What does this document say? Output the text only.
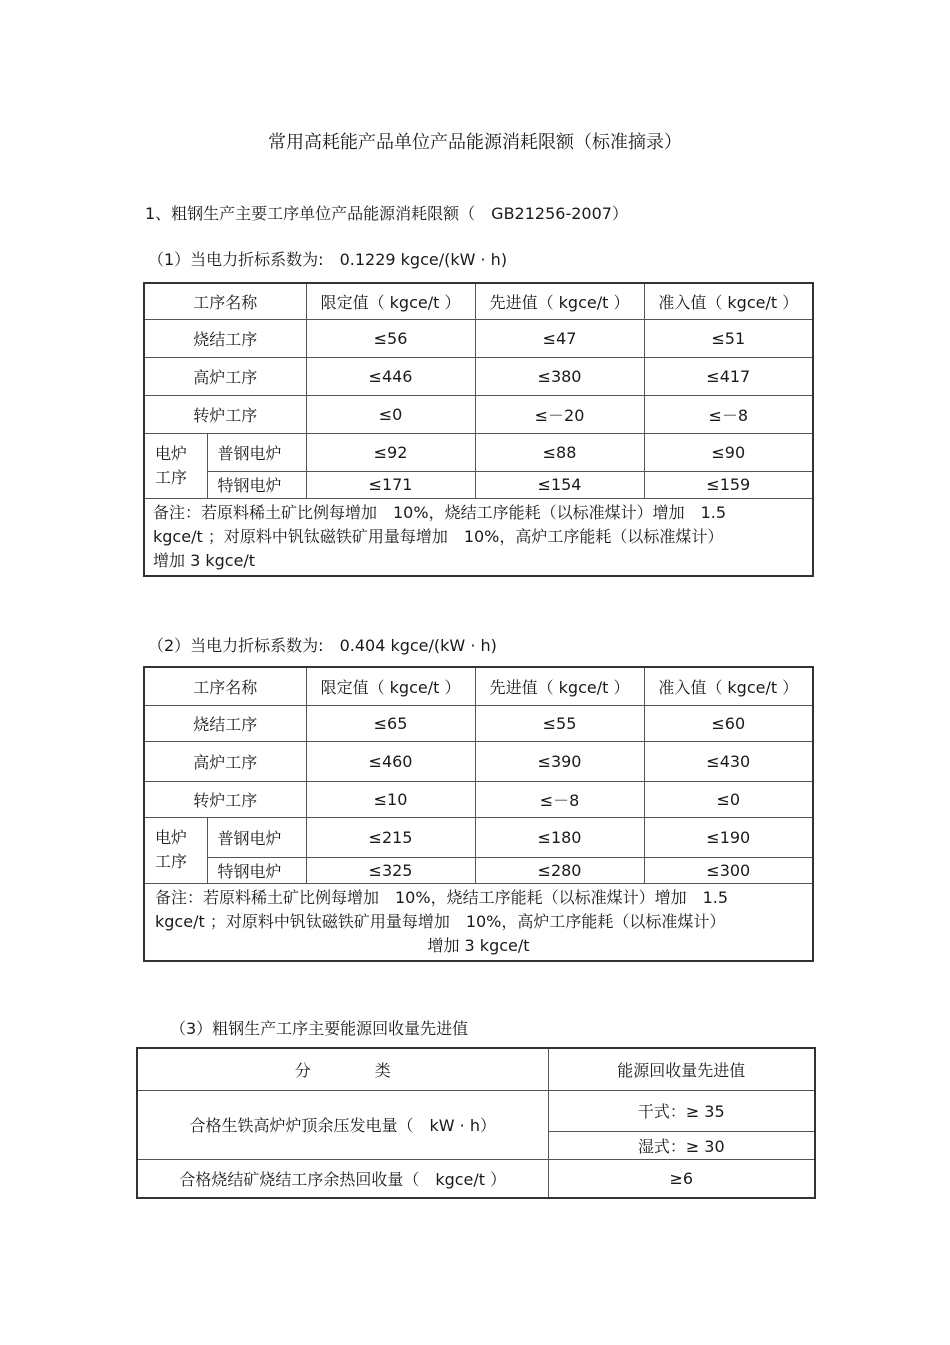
常用高耗能产品单位产品能源消耗限额（标准摘录）
1、粗钢生产主要工序单位产品能源消耗限额（　GB21256-2007）
（1）当电力折标系数为:　0.1229 kgce/(kW · h)
工序名称		限定值（ kgce/t ）	先进值（ kgce/t ）	准入值（ kgce/t ）
烧结工序		≤56	≤47	≤51
高炉工序		≤446	≤380	≤417
转炉工序		≤0	≤－20	≤－8
电炉
工序	普钢电炉	≤92	≤88	≤90
	特钢电炉	≤171	≤154	≤159

备注：若原料稀土矿比例每增加　10%，烧结工序能耗（以标准煤计）增加　1.5
kgce/t ；对原料中钒钛磁铁矿用量每增加　10%，高炉工序能耗（以标准煤计）
增加 3 kgce/t				
（2）当电力折标系数为:　0.404 kgce/(kW · h)
工序名称		限定值（ kgce/t ）	先进值（ kgce/t ）	准入值（ kgce/t ）
烧结工序		≤65	≤55	≤60
高炉工序		≤460	≤390	≤430
转炉工序		≤10	≤－8	≤0
电炉
工序	普钢电炉	≤215	≤180	≤190
	特钢电炉	≤325	≤280	≤300

备注：若原料稀土矿比例每增加　10%，烧结工序能耗（以标准煤计）增加　1.5
kgce/t ；对原料中钒钛磁铁矿用量每增加　10%，高炉工序能耗（以标准煤计）
增加 3 kgce/t				
（3）粗钢生产工序主要能源回收量先进值
分　　　　类	能源回收量先进值
合格生铁高炉炉顶余压发电量（　kW · h）	干式：≥ 35
	湿式：≥ 30
合格烧结矿烧结工序余热回收量（　kgce/t ）	≥6
